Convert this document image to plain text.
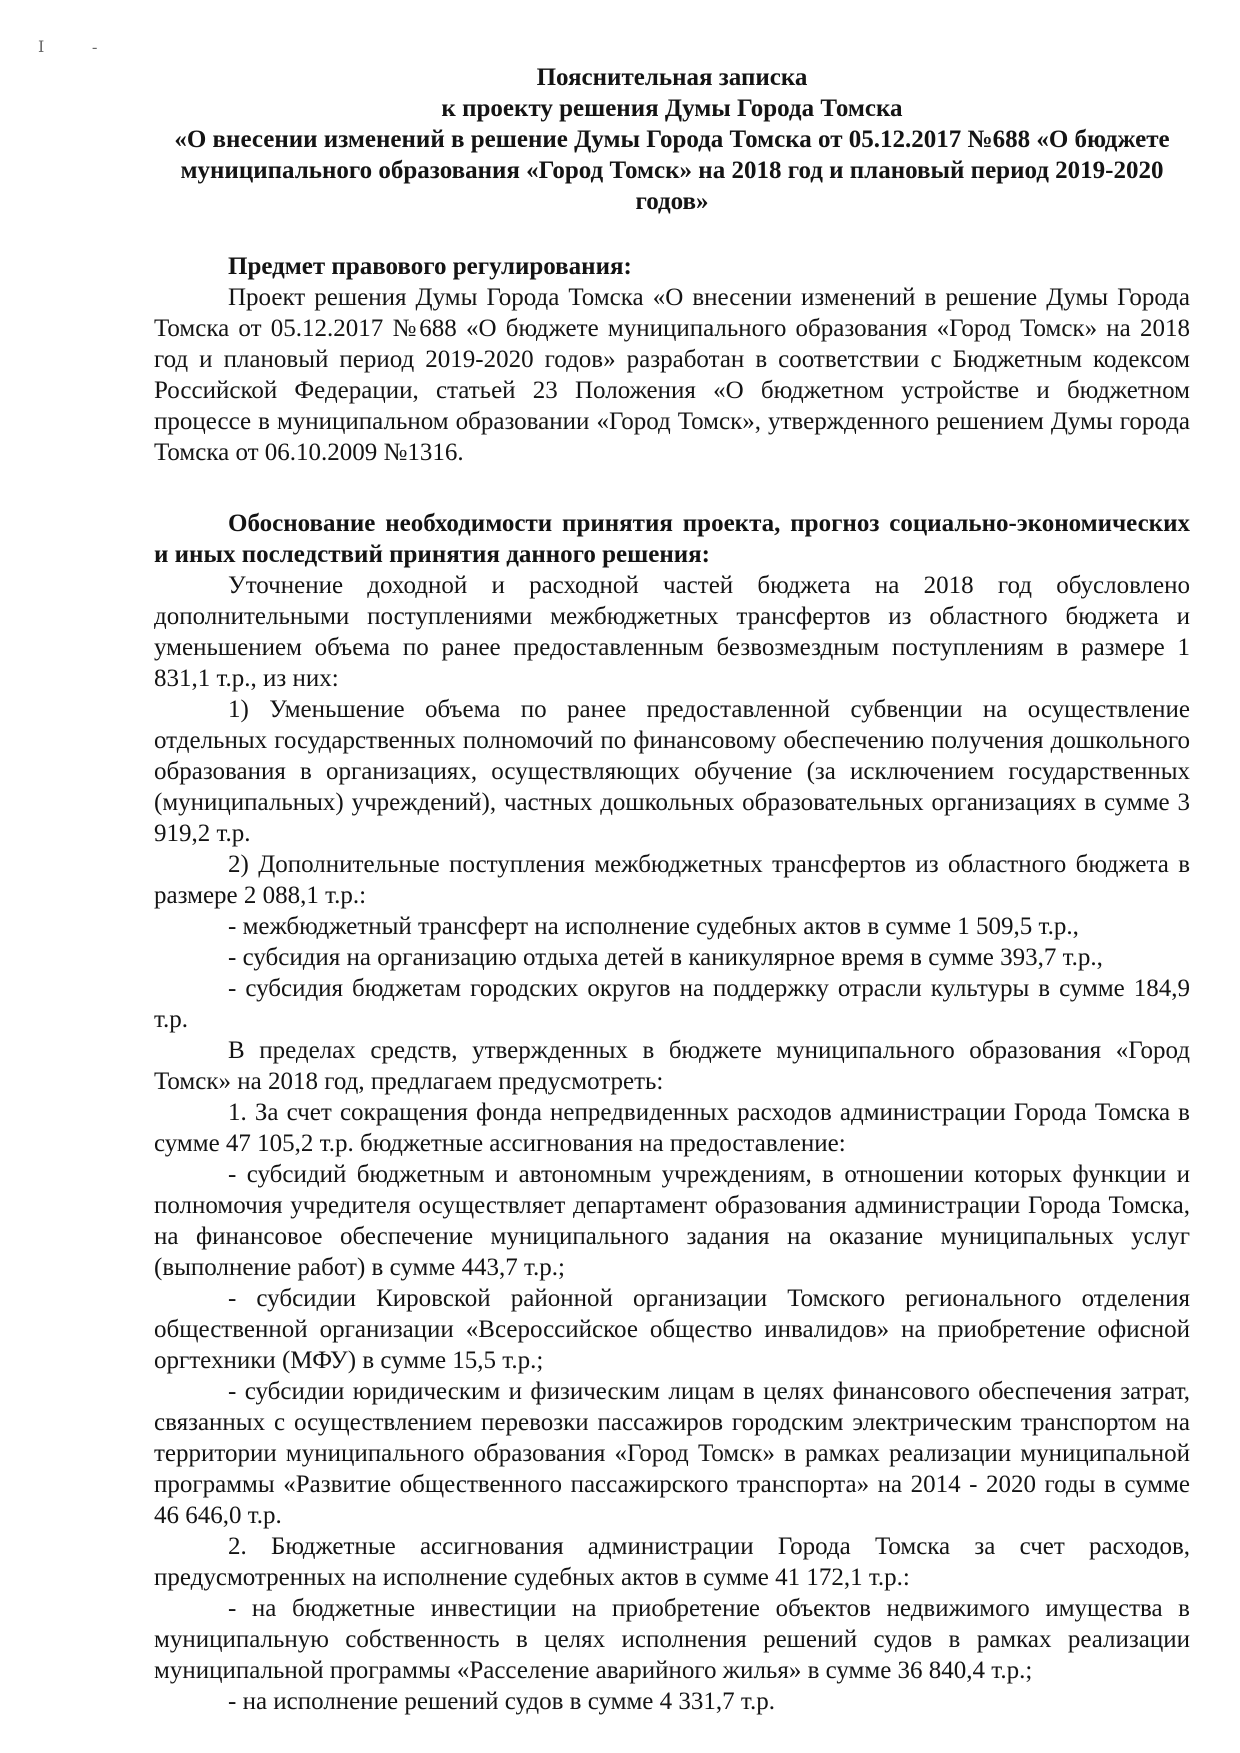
Ⅰ	-
Пояснительная записка
к проекту решения Думы Города Томска
«О внесении изменений в решение Думы Города Томска от 05.12.2017 №688 «О бюджете муниципального образования «Город Томск» на 2018 год и плановый период 2019-2020 годов»
Предмет правового регулирования:

Проект решения Думы Города Томска «О внесении изменений в решение Думы Города Томска от 05.12.2017 №688 «О бюджете муниципального образования «Город Томск» на 2018 год и плановый период 2019-2020 годов» разработан в соответствии с Бюджетным кодексом Российской Федерации, статьей 23 Положения «О бюджетном устройстве и бюджетном процессе в муниципальном образовании «Город Томск», утвержденного решением Думы города Томска от 06.10.2009 №1316.

Обоснование необходимости принятия проекта, прогноз социально-экономических и иных последствий принятия данного решения:

Уточнение доходной и расходной частей бюджета на 2018 год обусловлено дополнительными поступлениями межбюджетных трансфертов из областного бюджета и уменьшением объема по ранее предоставленным безвозмездным поступлениям в размере 1 831,1 т.р., из них:

1) Уменьшение объема по ранее предоставленной субвенции на осуществление отдельных государственных полномочий по финансовому обеспечению получения дошкольного образования в организациях, осуществляющих обучение (за исключением государственных (муниципальных) учреждений), частных дошкольных образовательных организациях в сумме 3 919,2 т.р.

2) Дополнительные поступления межбюджетных трансфертов из областного бюджета в размере 2 088,1 т.р.:

- межбюджетный трансферт на исполнение судебных актов в сумме 1 509,5 т.р.,

- субсидия на организацию отдыха детей в каникулярное время в сумме 393,7 т.р.,

- субсидия бюджетам городских округов на поддержку отрасли культуры в сумме 184,9 т.р.

В пределах средств, утвержденных в бюджете муниципального образования «Город Томск» на 2018 год, предлагаем предусмотреть:

1. За счет сокращения фонда непредвиденных расходов администрации Города Томска в сумме 47 105,2 т.р. бюджетные ассигнования на предоставление:

- субсидий бюджетным и автономным учреждениям, в отношении которых функции и полномочия учредителя осуществляет департамент образования администрации Города Томска, на финансовое обеспечение муниципального задания на оказание муниципальных услуг (выполнение работ) в сумме 443,7 т.р.;

- субсидии Кировской районной организации Томского регионального отделения общественной организации «Всероссийское общество инвалидов» на приобретение офисной оргтехники (МФУ) в сумме 15,5 т.р.;

- субсидии юридическим и физическим лицам в целях финансового обеспечения затрат, связанных с осуществлением перевозки пассажиров городским электрическим транспортом на территории муниципального образования «Город Томск» в рамках реализации муниципальной программы «Развитие общественного пассажирского транспорта» на 2014 - 2020 годы в сумме 46 646,0 т.р.

2. Бюджетные ассигнования администрации Города Томска за счет расходов, предусмотренных на исполнение судебных актов в сумме 41 172,1 т.р.:

- на бюджетные инвестиции на приобретение объектов недвижимого имущества в муниципальную собственность в целях исполнения решений судов в рамках реализации муниципальной программы «Расселение аварийного жилья» в сумме 36 840,4 т.р.;

- на исполнение решений судов в сумме 4 331,7 т.р.
